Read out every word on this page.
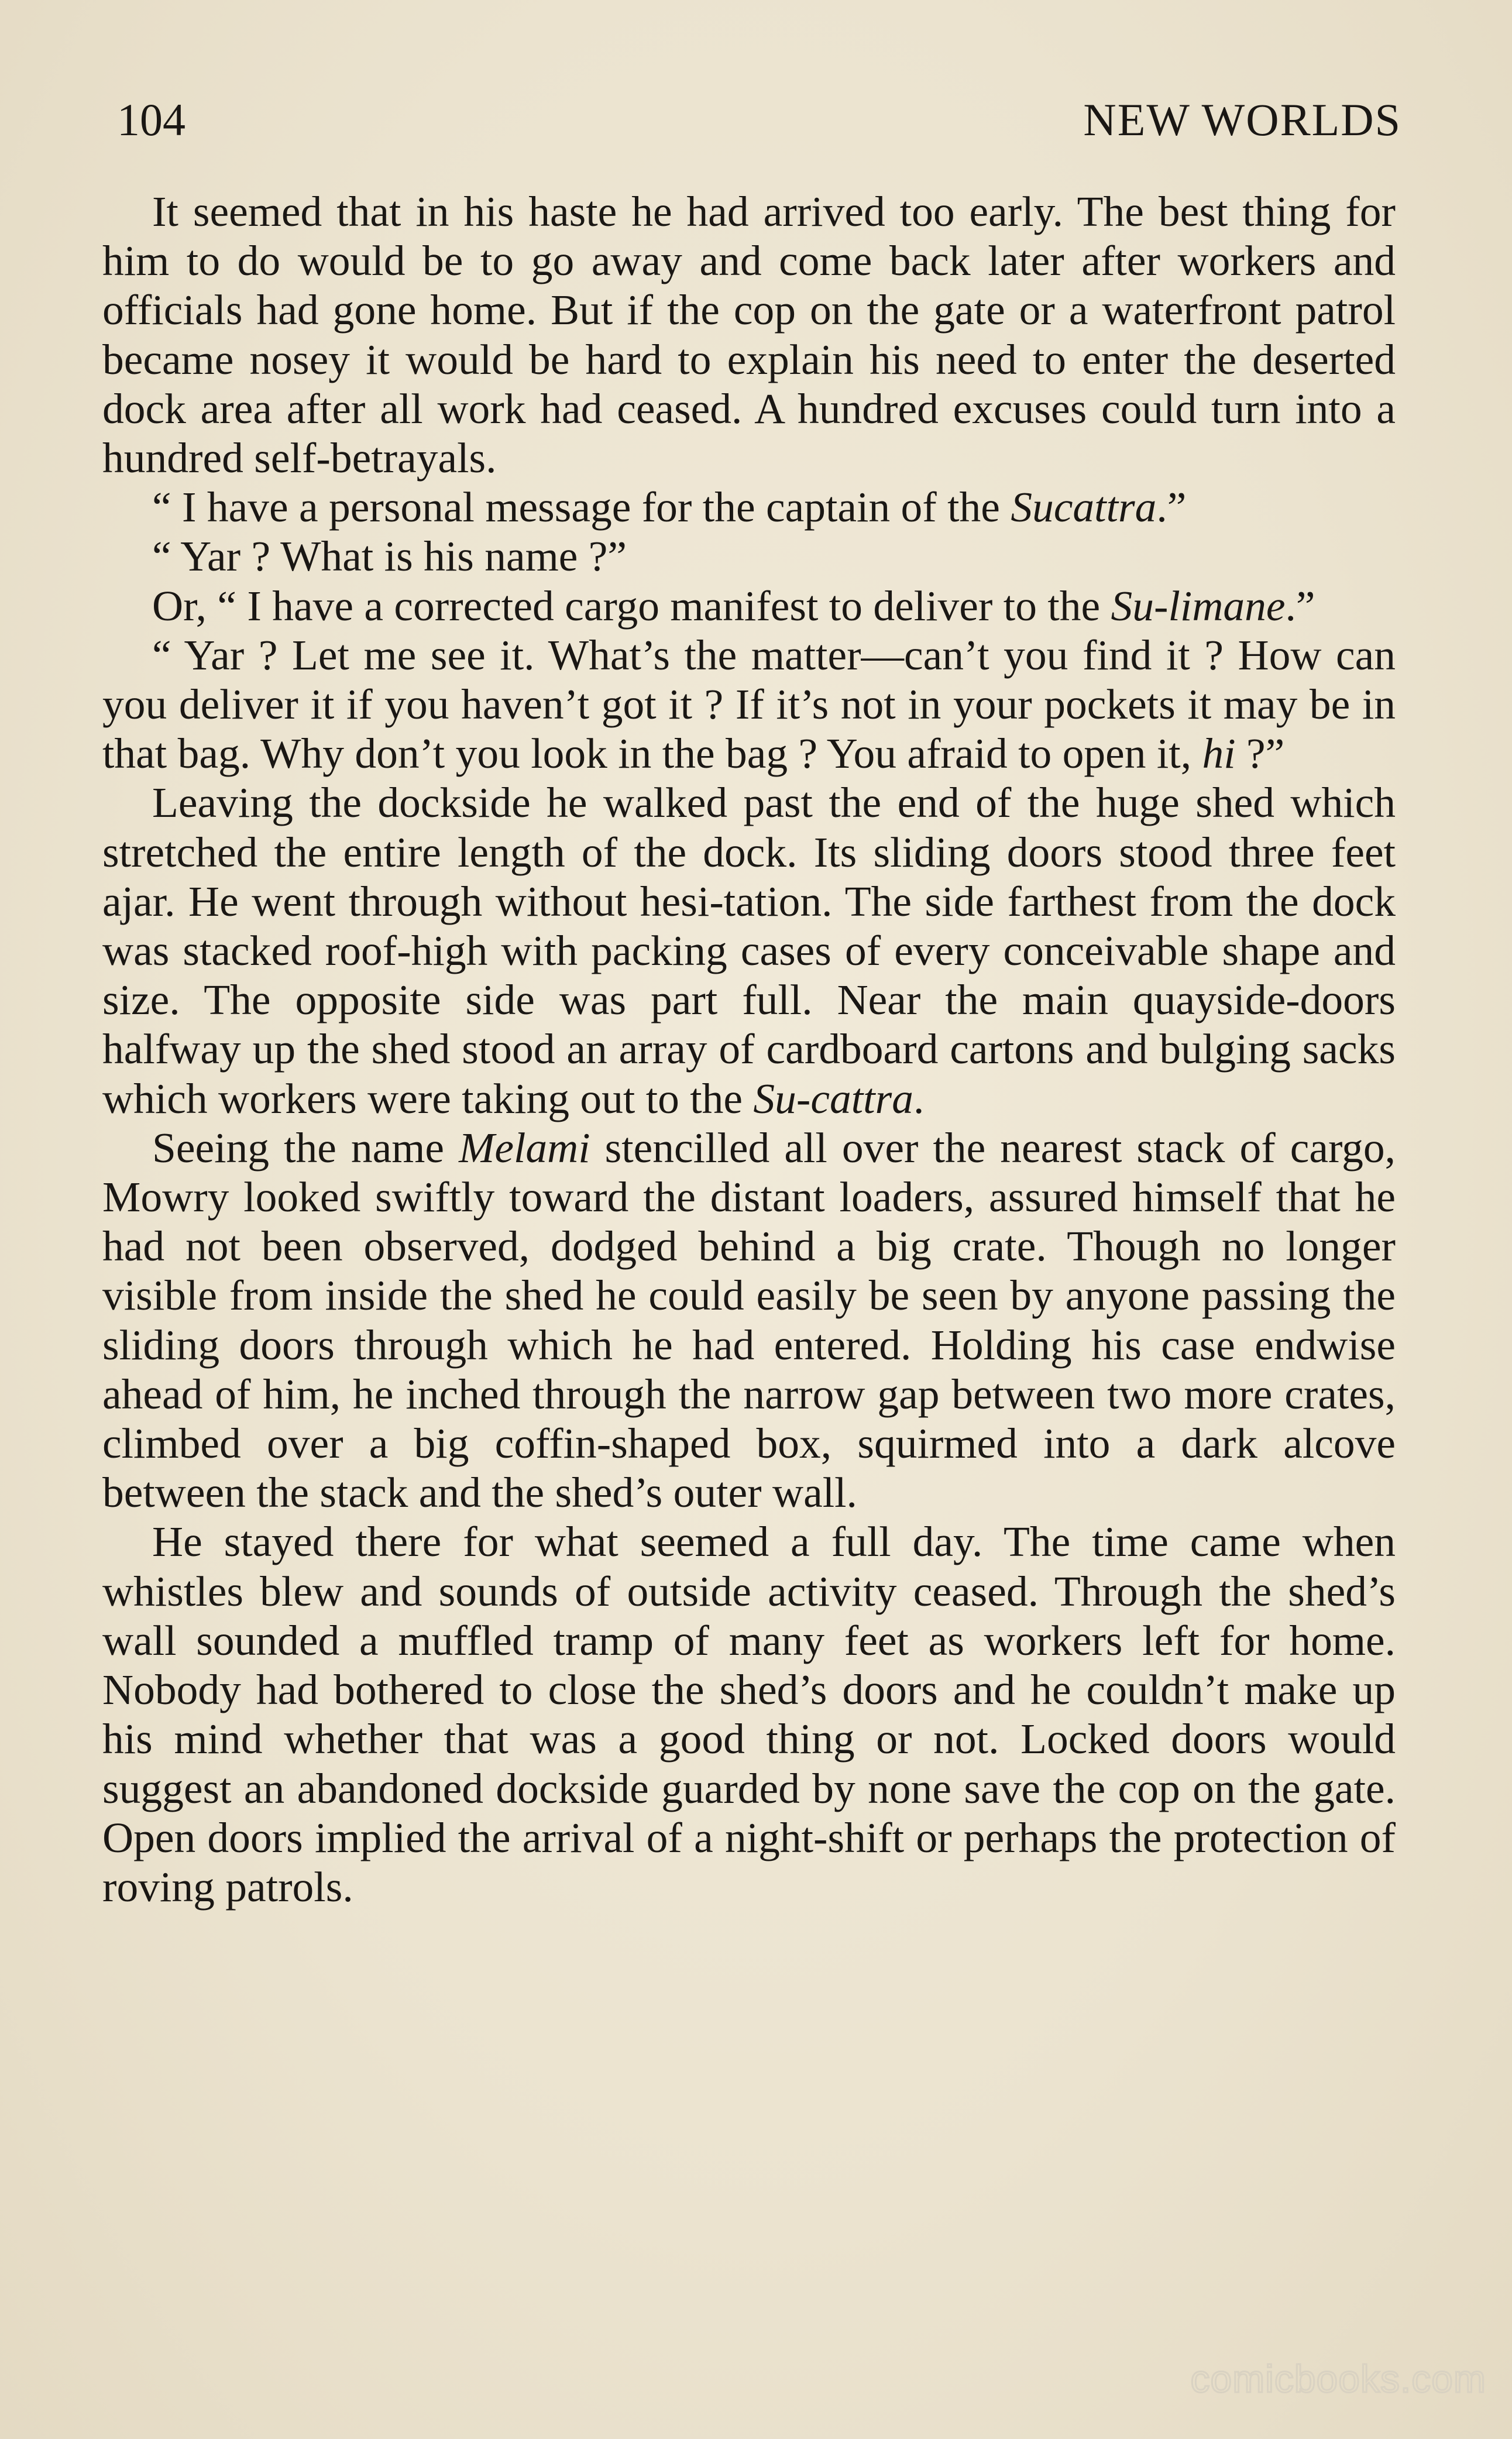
104	NEW WORLDS

It seemed that in his haste he had arrived too early. The best thing for him to do would be to go away and come back later after workers and officials had gone home. But if the cop on the gate or a waterfront patrol became nosey it would be hard to explain his need to enter the deserted dock area after all work had ceased. A hundred excuses could turn into a hundred self-betrayals.

“ I have a personal message for the captain of the Sucattra.”

“ Yar ? What is his name ?”

Or, “ I have a corrected cargo manifest to deliver to the Su-limane.”

“ Yar ? Let me see it. What’s the matter—can’t you find it ? How can you deliver it if you haven’t got it ? If it’s not in your pockets it may be in that bag. Why don’t you look in the bag ? You afraid to open it, hi ?”

Leaving the dockside he walked past the end of the huge shed which stretched the entire length of the dock. Its sliding doors stood three feet ajar. He went through without hesi-tation. The side farthest from the dock was stacked roof-high with packing cases of every conceivable shape and size. The opposite side was part full. Near the main quayside-doors halfway up the shed stood an array of cardboard cartons and bulging sacks which workers were taking out to the Su-cattra.

Seeing the name Melami stencilled all over the nearest stack of cargo, Mowry looked swiftly toward the distant loaders, assured himself that he had not been observed, dodged behind a big crate. Though no longer visible from inside the shed he could easily be seen by anyone passing the sliding doors through which he had entered. Holding his case endwise ahead of him, he inched through the narrow gap between two more crates, climbed over a big coffin-shaped box, squirmed into a dark alcove between the stack and the shed’s outer wall.

He stayed there for what seemed a full day. The time came when whistles blew and sounds of outside activity ceased. Through the shed’s wall sounded a muffled tramp of many feet as workers left for home. Nobody had bothered to close the shed’s doors and he couldn’t make up his mind whether that was a good thing or not. Locked doors would suggest an abandoned dockside guarded by none save the cop on the gate. Open doors implied the arrival of a night-shift or perhaps the protection of roving patrols.

comicbooks.com
